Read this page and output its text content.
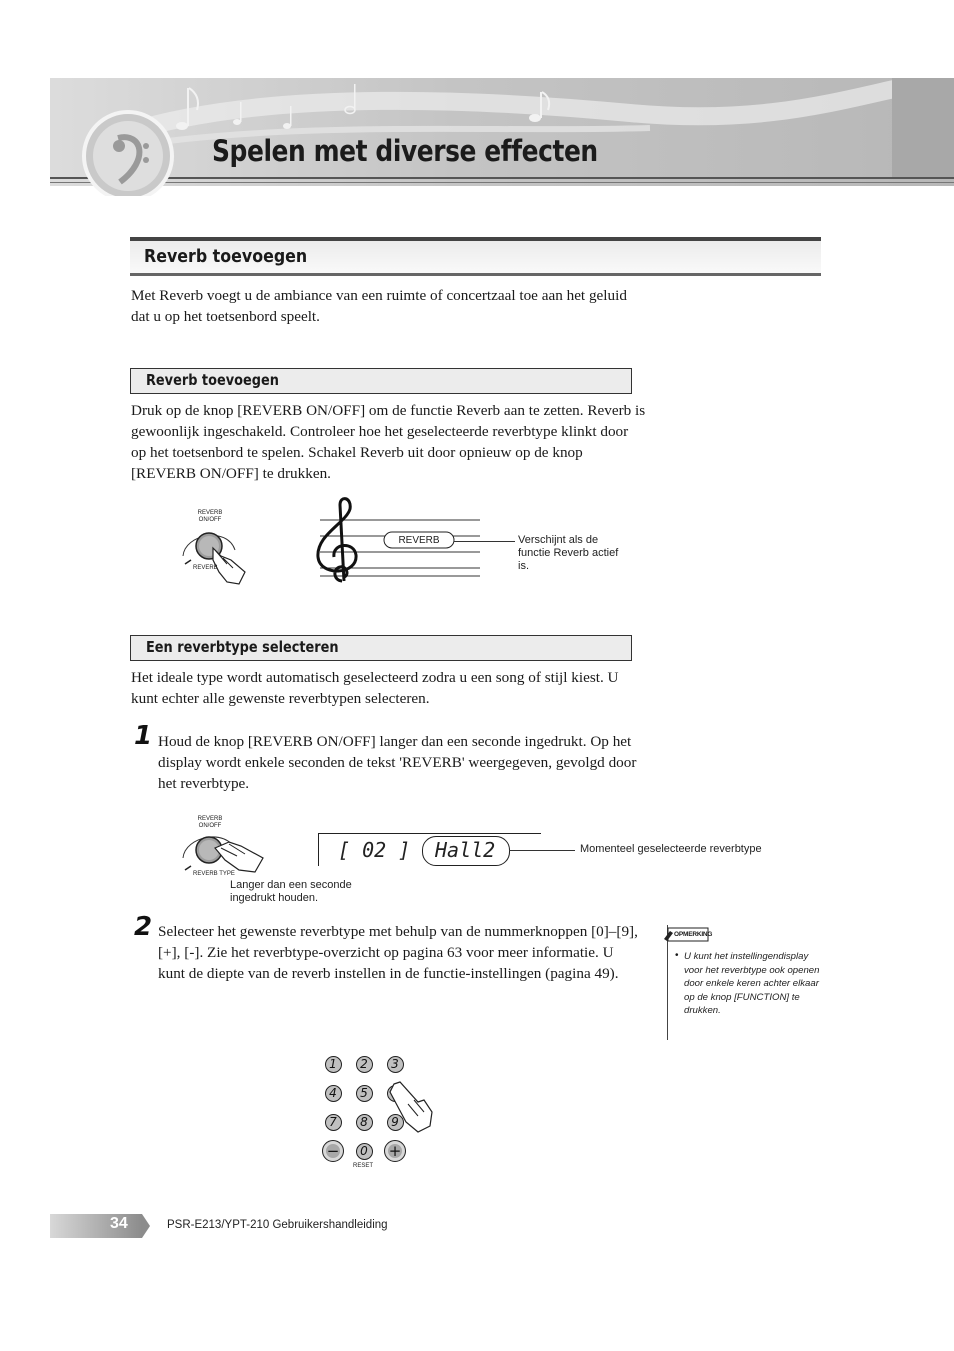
Spelen met diverse effecten
Reverb toevoegen

Met Reverb voegt u de ambiance van een ruimte of concertzaal toe aan het geluid dat u op het toetsenbord speelt.

Reverb toevoegen

Druk op de knop [REVERB ON/OFF] om de functie Reverb aan te zetten. Reverb is gewoonlijk ingeschakeld. Controleer hoe het geselecteerde reverbtype klinkt door op het toetsenbord te spelen. Schakel Reverb uit door opnieuw op de knop [REVERB ON/OFF] te drukken.

REVERB ON/OFF
REVERB
REVERB	Verschijnt als de functie Reverb actief is.
Een reverbtype selecteren

Het ideale type wordt automatisch geselecteerd zodra u een song of stijl kiest. U kunt echter alle gewenste reverbtypen selecteren.

1 Houd de knop [REVERB ON/OFF] langer dan een seconde ingedrukt. Op het display wordt enkele seconden de tekst 'REVERB' weergegeven, gevolgd door het reverbtype.

REVERB ON/OFF
REVERB TYPE
Langer dan een seconde ingedrukt houden.
[ 02 ] Hall2	Momenteel geselecteerde reverbtype
2 Selecteer het gewenste reverbtype met behulp van de nummerknoppen [0]–[9], [+], [-]. Zie het reverbtype-overzicht op pagina 63 voor meer informatie. U kunt de diepte van de reverb instellen in de functie-instellingen (pagina 49).

OPMERKING
• U kunt het instellingendisplay voor het reverbtype ook openen door enkele keren achter elkaar op de knop [FUNCTION] te drukken.

1	2	3
4	5
7	8	9
−	0	+
RESET

34	PSR-E213/YPT-210 Gebruikershandleiding
